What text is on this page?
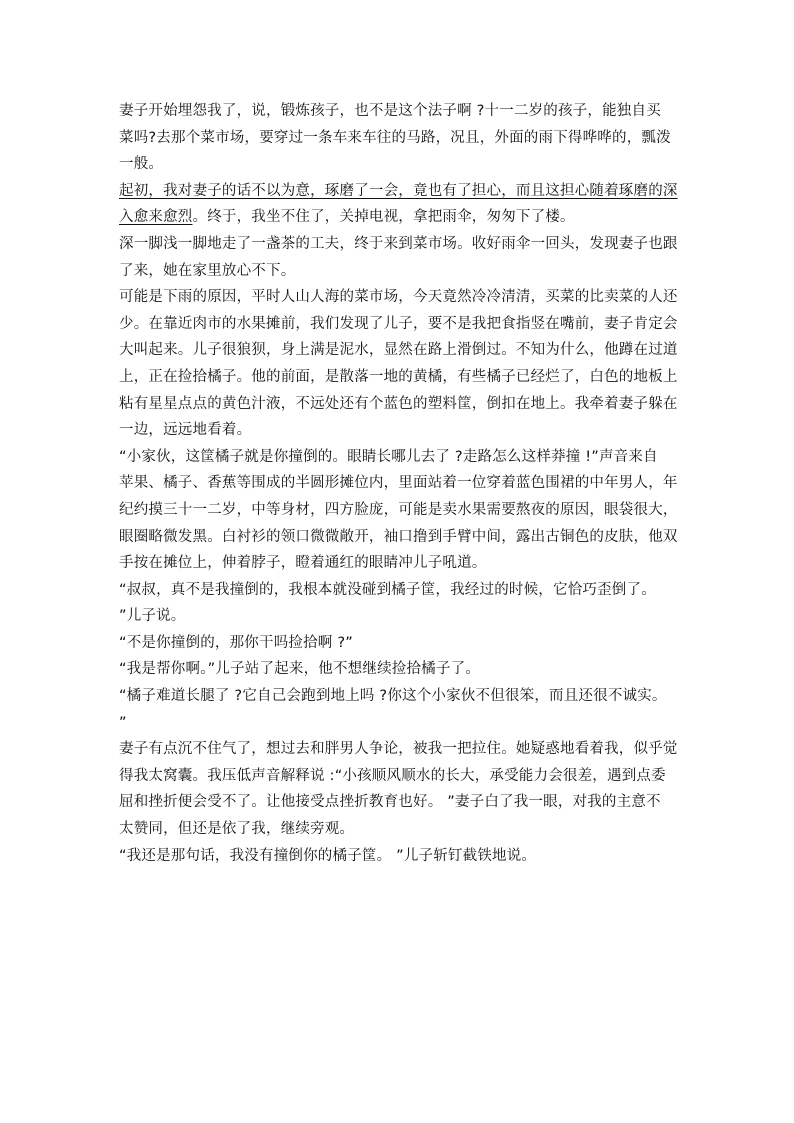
妻子开始埋怨我了，说，锻炼孩子，也不是这个法子啊 ?十一二岁的孩子，能独自买
菜吗?去那个菜市场，要穿过一条车来车往的马路，况且，外面的雨下得哗哗的，瓢泼
一般。
起初，我对妻子的话不以为意，琢磨了一会，竟也有了担心，而且这担心随着琢磨的深
入愈来愈烈。终于，我坐不住了，关掉电视，拿把雨伞，匆匆下了楼。
深一脚浅一脚地走了一盏茶的工夫，终于来到菜市场。收好雨伞一回头，发现妻子也跟
了来，她在家里放心不下。
可能是下雨的原因，平时人山人海的菜市场，今天竟然冷冷清清，买菜的比卖菜的人还
少。在靠近肉市的水果摊前，我们发现了儿子，要不是我把食指竖在嘴前，妻子肯定会
大叫起来。儿子很狼狈，身上满是泥水，显然在路上滑倒过。不知为什么，他蹲在过道
上，正在捡拾橘子。他的前面，是散落一地的黄橘，有些橘子已经烂了，白色的地板上
粘有星星点点的黄色汁液，不远处还有个蓝色的塑料筐，倒扣在地上。我牵着妻子躲在
一边，远远地看着。
“小家伙，这筐橘子就是你撞倒的。眼睛长哪儿去了 ?走路怎么这样莽撞 !”声音来自
苹果、橘子、香蕉等围成的半圆形摊位内，里面站着一位穿着蓝色围裙的中年男人，年
纪约摸三十一二岁，中等身材，四方脸庞，可能是卖水果需要熬夜的原因，眼袋很大，
眼圈略微发黑。白衬衫的领口微微敞开，袖口撸到手臂中间，露出古铜色的皮肤，他双
手按在摊位上，伸着脖子，瞪着通红的眼睛冲儿子吼道。
“叔叔，真不是我撞倒的，我根本就没碰到橘子筐，我经过的时候，它恰巧歪倒了。
”儿子说。
“不是你撞倒的，那你干吗捡拾啊 ?”
“我是帮你啊。”儿子站了起来，他不想继续捡拾橘子了。
“橘子难道长腿了 ?它自己会跑到地上吗 ?你这个小家伙不但很笨，而且还很不诚实。
”
妻子有点沉不住气了，想过去和胖男人争论，被我一把拉住。她疑惑地看着我，似乎觉
得我太窝囊。我压低声音解释说 :“小孩顺风顺水的长大，承受能力会很差，遇到点委
屈和挫折便会受不了。让他接受点挫折教育也好。 ”妻子白了我一眼，对我的主意不
太赞同，但还是依了我，继续旁观。
“我还是那句话，我没有撞倒你的橘子筐。 ”儿子斩钉截铁地说。
